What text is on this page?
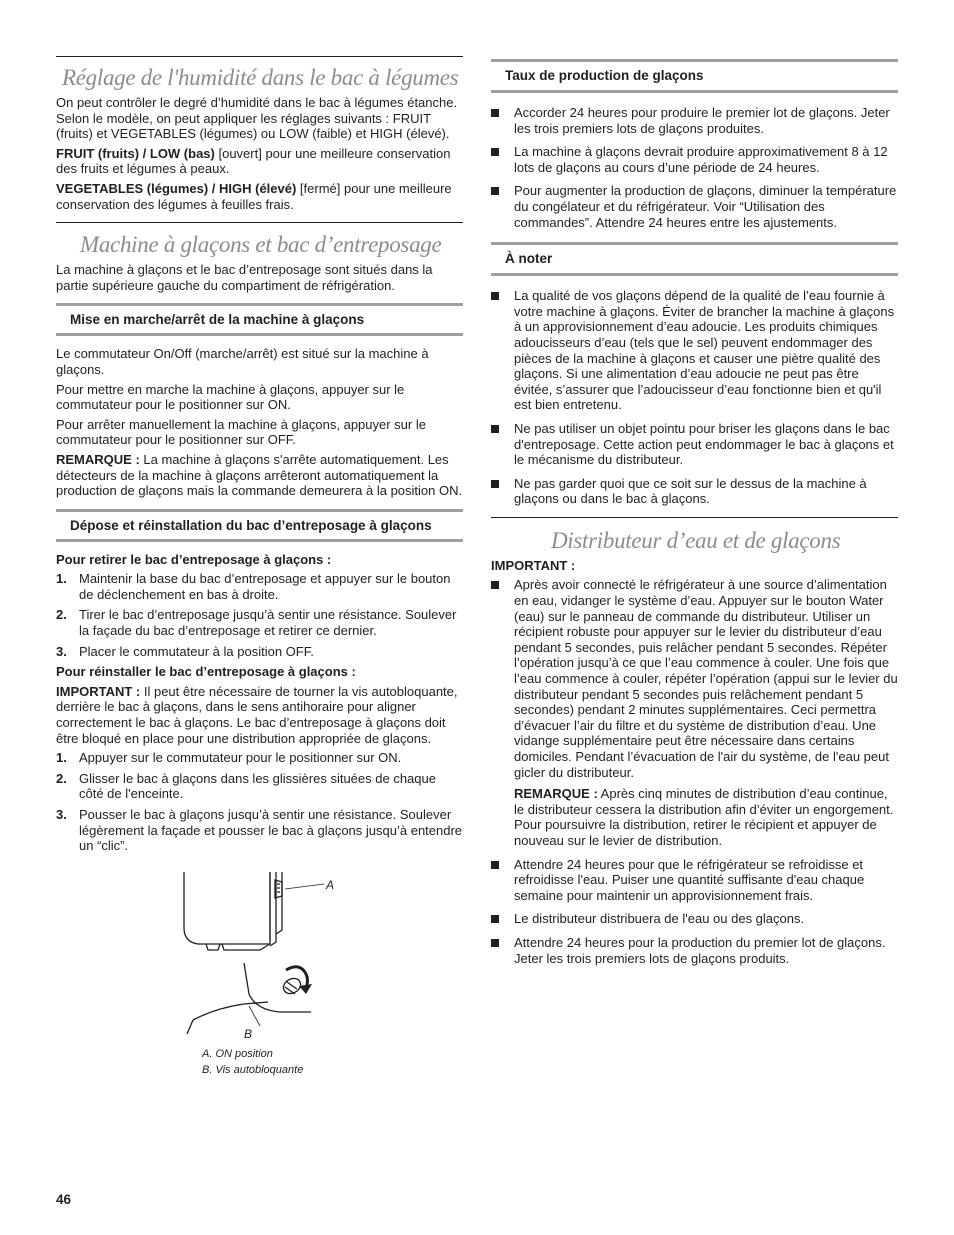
Réglage de l'humidité dans le bac à légumes

On peut contrôler le degré d’humidité dans le bac à légumes étanche. Selon le modèle, on peut appliquer les réglages suivants : FRUIT (fruits) et VEGETABLES (légumes) ou LOW (faible) et HIGH (élevé).

FRUIT (fruits) / LOW (bas) [ouvert] pour une meilleure conservation des fruits et légumes à peaux.

VEGETABLES (légumes) / HIGH (élevé) [fermé] pour une meilleure conservation des légumes à feuilles frais.

Machine à glaçons et bac d’entreposage

La machine à glaçons et le bac d’entreposage sont situés dans la partie supérieure gauche du compartiment de réfrigération.

Mise en marche/arrêt de la machine à glaçons

Le commutateur On/Off (marche/arrêt) est situé sur la machine à glaçons.

Pour mettre en marche la machine à glaçons, appuyer sur le commutateur pour le positionner sur ON.

Pour arrêter manuellement la machine à glaçons, appuyer sur le commutateur pour le positionner sur OFF.

REMARQUE : La machine à glaçons s'arrête automatiquement. Les détecteurs de la machine à glaçons arrêteront automatiquement la production de glaçons mais la commande demeurera à la position ON.

Dépose et réinstallation du bac d’entreposage à glaçons

Pour retirer le bac d’entreposage à glaçons :

1. Maintenir la base du bac d’entreposage et appuyer sur le bouton de déclenchement en bas à droite.
2. Tirer le bac d’entreposage jusqu’à sentir une résistance. Soulever la façade du bac d’entreposage et retirer ce dernier.
3. Placer le commutateur à la position OFF.

Pour réinstaller le bac d’entreposage à glaçons :

IMPORTANT : Il peut être nécessaire de tourner la vis autobloquante, derrière le bac à glaçons, dans le sens antihoraire pour aligner correctement le bac à glaçons. Le bac d’entreposage à glaçons doit être bloqué en place pour une distribution appropriée de glaçons.

1. Appuyer sur le commutateur pour le positionner sur ON.
2. Glisser le bac à glaçons dans les glissières situées de chaque côté de l'enceinte.
3. Pousser le bac à glaçons jusqu’à sentir une résistance. Soulever légèrement la façade et pousser le bac à glaçons jusqu’à entendre un “clic”.
A
B
A. ON position
B. Vis autobloquante
Taux de production de glaçons
Accorder 24 heures pour produire le premier lot de glaçons. Jeter les trois premiers lots de glaçons produites.
La machine à glaçons devrait produire approximativement 8 à 12 lots de glaçons au cours d’une période de 24 heures.
Pour augmenter la production de glaçons, diminuer la température du congélateur et du réfrigérateur. Voir “Utilisation des commandes”. Attendre 24 heures entre les ajustements.
À noter
La qualité de vos glaçons dépend de la qualité de l’eau fournie à votre machine à glaçons. Éviter de brancher la machine à glaçons à un approvisionnement d’eau adoucie. Les produits chimiques adoucisseurs d’eau (tels que le sel) peuvent endommager des pièces de la machine à glaçons et causer une piètre qualité des glaçons. Si une alimentation d’eau adoucie ne peut pas être évitée, s’assurer que l’adoucisseur d’eau fonctionne bien et qu'il est bien entretenu.
Ne pas utiliser un objet pointu pour briser les glaçons dans le bac d'entreposage. Cette action peut endommager le bac à glaçons et le mécanisme du distributeur.
Ne pas garder quoi que ce soit sur le dessus de la machine à glaçons ou dans le bac à glaçons.
Distributeur d’eau et de glaçons

IMPORTANT :

Après avoir connecté le réfrigérateur à une source d’alimentation en eau, vidanger le système d’eau. Appuyer sur le bouton Water (eau) sur le panneau de commande du distributeur. Utiliser un récipient robuste pour appuyer sur le levier du distributeur d’eau pendant 5 secondes, puis relâcher pendant 5 secondes. Répéter l’opération jusqu’à ce que l’eau commence à couler. Une fois que l’eau commence à couler, répéter l’opération (appui sur le levier du distributeur pendant 5 secondes puis relâchement pendant 5 secondes) pendant 2 minutes supplémentaires. Ceci permettra d’évacuer l’air du filtre et du système de distribution d’eau. Une vidange supplémentaire peut être nécessaire dans certains domiciles. Pendant l’évacuation de l'air du système, de l'eau peut gicler du distributeur.

REMARQUE : Après cinq minutes de distribution d’eau continue, le distributeur cessera la distribution afin d’éviter un engorgement. Pour poursuivre la distribution, retirer le récipient et appuyer de nouveau sur le levier de distribution.

Attendre 24 heures pour que le réfrigérateur se refroidisse et refroidisse l'eau. Puiser une quantité suffisante d'eau chaque semaine pour maintenir un approvisionnement frais.
Le distributeur distribuera de l'eau ou des glaçons.
Attendre 24 heures pour la production du premier lot de glaçons. Jeter les trois premiers lots de glaçons produits.
46
